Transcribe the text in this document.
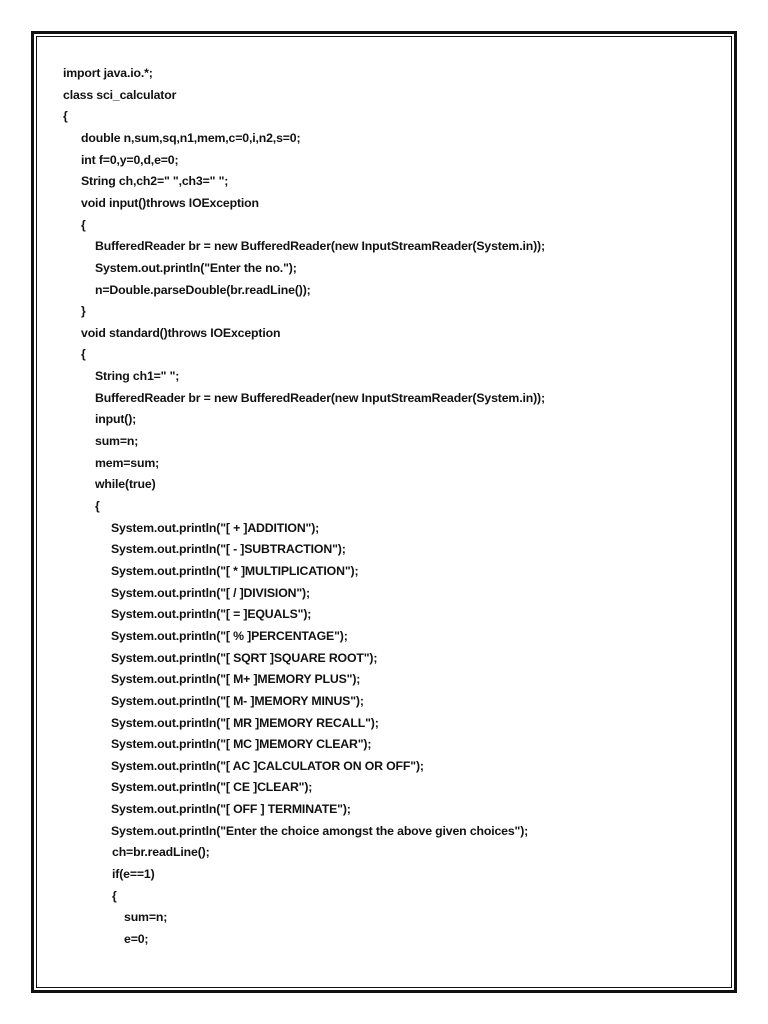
import java.io.*;
class sci_calculator
{
double n,sum,sq,n1,mem,c=0,i,n2,s=0;
int f=0,y=0,d,e=0;
String ch,ch2=" ",ch3=" ";
void input()throws IOException
{
BufferedReader br = new BufferedReader(new InputStreamReader(System.in));
System.out.println("Enter the no.");
n=Double.parseDouble(br.readLine());
}
void standard()throws IOException
{
String ch1=" ";
BufferedReader br = new BufferedReader(new InputStreamReader(System.in));
input();
sum=n;
mem=sum;
while(true)
{
System.out.println("[ + ]ADDITION");
System.out.println("[ - ]SUBTRACTION");
System.out.println("[ * ]MULTIPLICATION");
System.out.println("[ / ]DIVISION");
System.out.println("[ = ]EQUALS");
System.out.println("[ % ]PERCENTAGE");
System.out.println("[ SQRT ]SQUARE ROOT");
System.out.println("[ M+ ]MEMORY PLUS");
System.out.println("[ M- ]MEMORY MINUS");
System.out.println("[ MR ]MEMORY RECALL");
System.out.println("[ MC ]MEMORY CLEAR");
System.out.println("[ AC ]CALCULATOR ON OR OFF");
System.out.println("[ CE ]CLEAR");
System.out.println("[ OFF ] TERMINATE");
System.out.println("Enter the choice amongst the above given choices");
ch=br.readLine();
if(e==1)
{
sum=n;
e=0;
